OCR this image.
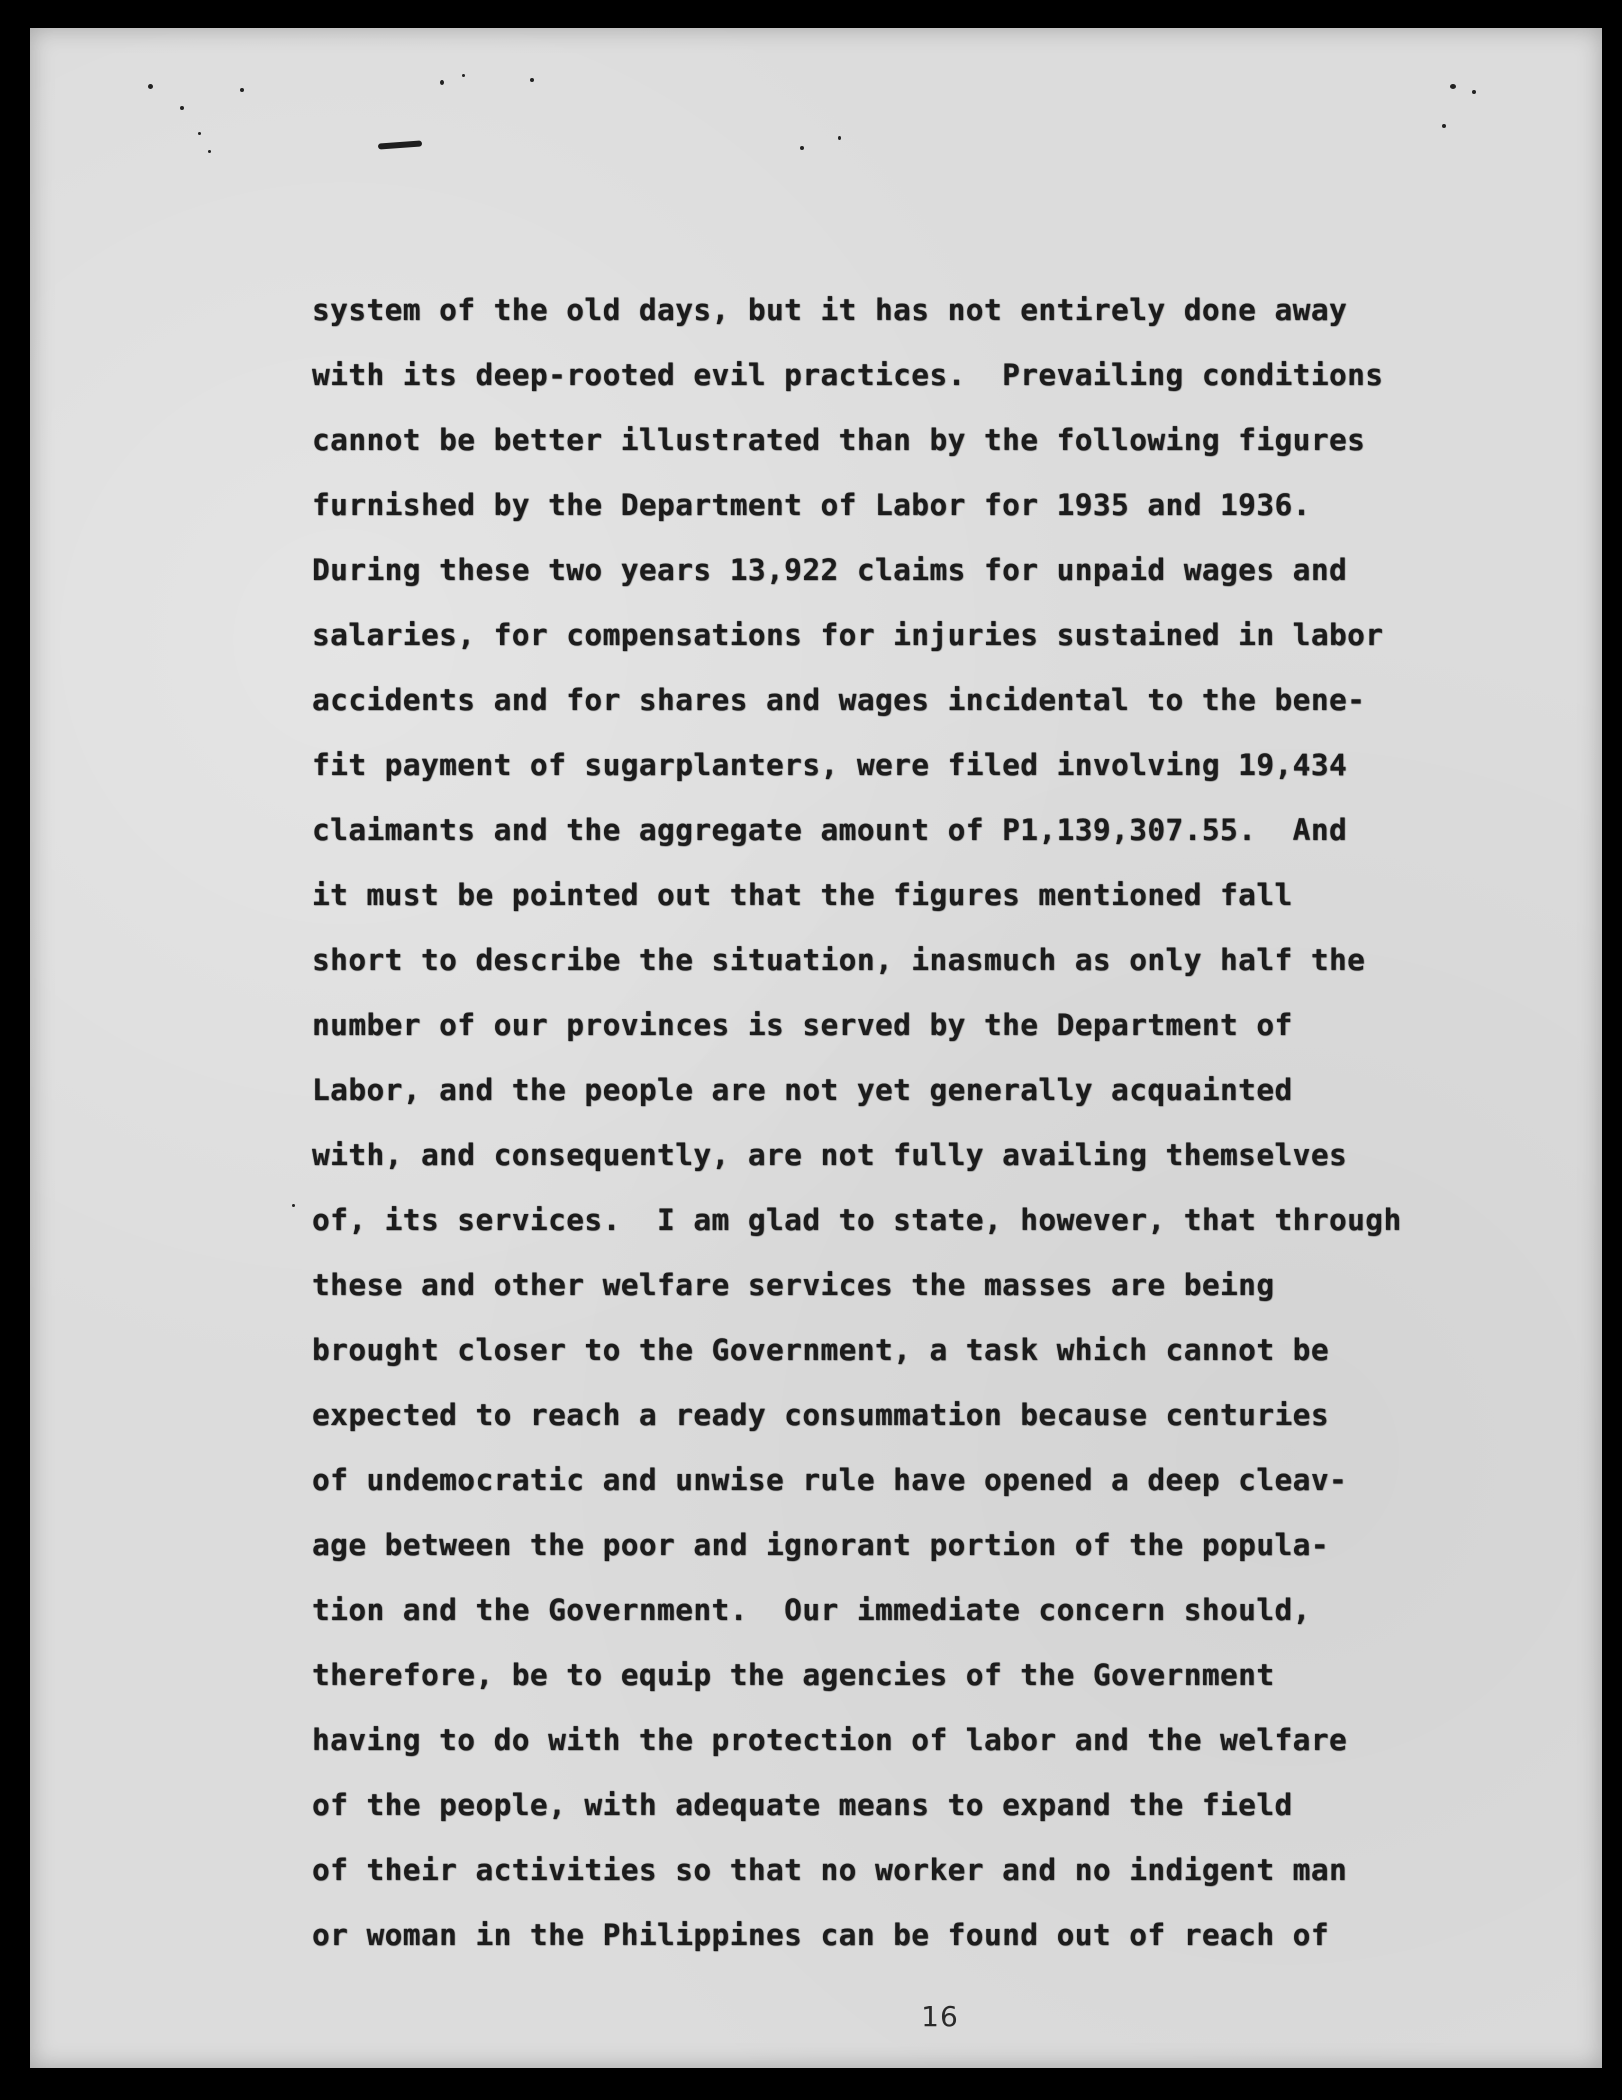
16
system of the old days, but it has not entirely done away
with its deep-rooted evil practices.  Prevailing conditions
cannot be better illustrated than by the following figures
furnished by the Department of Labor for 1935 and 1936.
During these two years 13,922 claims for unpaid wages and
salaries, for compensations for injuries sustained in labor
accidents and for shares and wages incidental to the bene-
fit payment of sugarplanters, were filed involving 19,434
claimants and the aggregate amount of P1,139,307.55.  And
it must be pointed out that the figures mentioned fall
short to describe the situation, inasmuch as only half the
number of our provinces is served by the Department of
Labor, and the people are not yet generally acquainted
with, and consequently, are not fully availing themselves
of, its services.  I am glad to state, however, that through
these and other welfare services the masses are being
brought closer to the Government, a task which cannot be
expected to reach a ready consummation because centuries
of undemocratic and unwise rule have opened a deep cleav-
age between the poor and ignorant portion of the popula-
tion and the Government.  Our immediate concern should,
therefore, be to equip the agencies of the Government
having to do with the protection of labor and the welfare
of the people, with adequate means to expand the field
of their activities so that no worker and no indigent man
or woman in the Philippines can be found out of reach of
